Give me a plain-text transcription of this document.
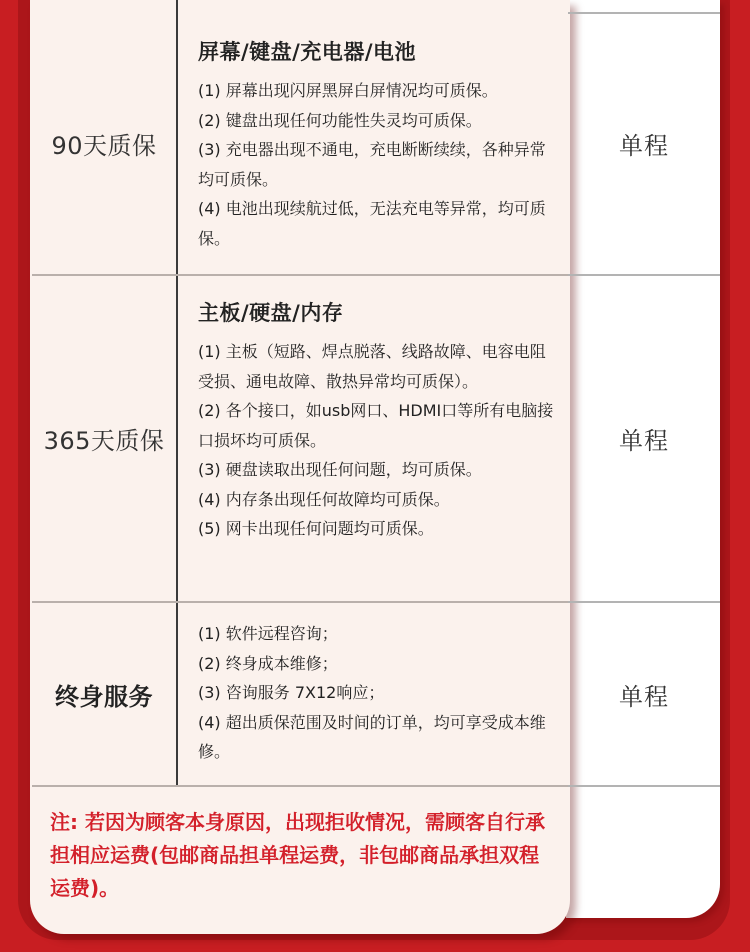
90天质保
屏幕/键盘/充电器/电池
(1) 屏幕出现闪屏黑屏白屏情况均可质保。
(2) 键盘出现任何功能性失灵均可质保。
(3) 充电器出现不通电，充电断断续续，各种异常均可质保。
(4) 电池出现续航过低，无法充电等异常，均可质保。
单程
365天质保
主板/硬盘/内存
(1) 主板（短路、焊点脱落、线路故障、电容电阻受损、通电故障、散热异常均可质保）。
(2) 各个接口，如usb网口、HDMI口等所有电脑接口损坏均可质保。
(3) 硬盘读取出现任何问题，均可质保。
(4) 内存条出现任何故障均可质保。
(5) 网卡出现任何问题均可质保。
单程
终身服务
(1) 软件远程咨询；
(2) 终身成本维修；
(3) 咨询服务 7X12响应；
(4) 超出质保范围及时间的订单，均可享受成本维修。
单程
注: 若因为顾客本身原因，出现拒收情况，需顾客自行承担相应运费(包邮商品担单程运费，非包邮商品承担双程运费)。
